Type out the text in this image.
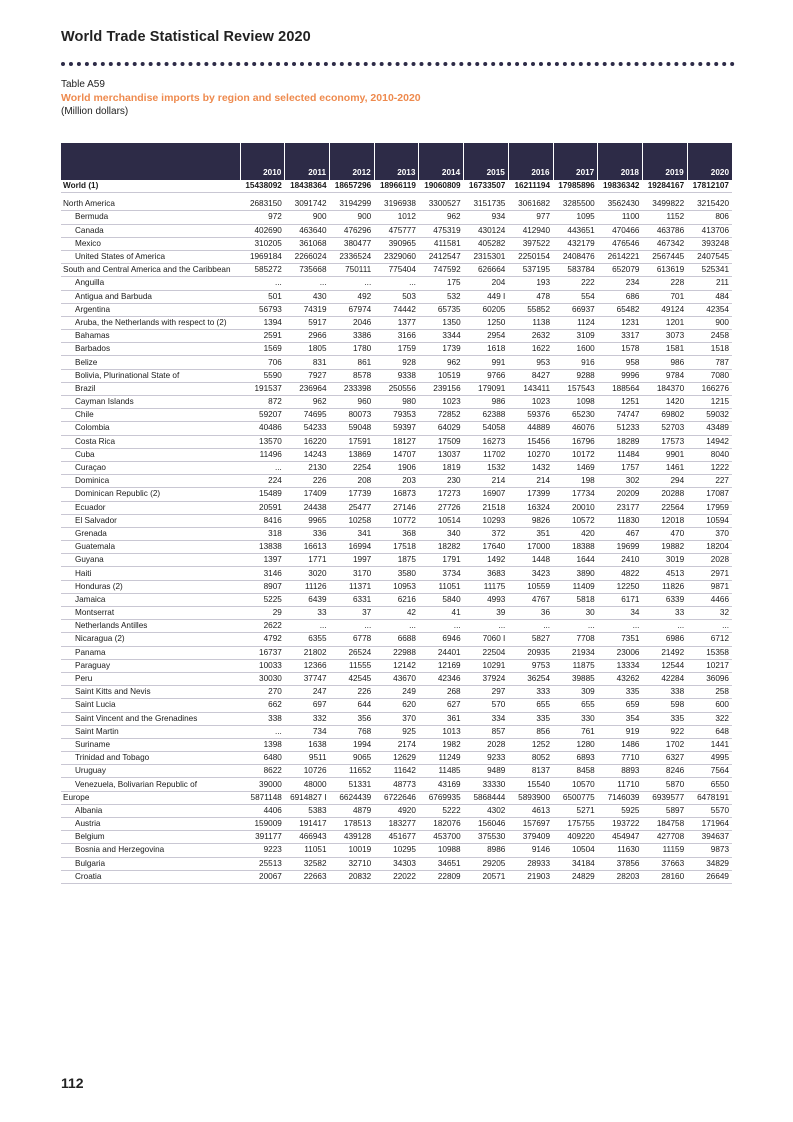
World Trade Statistical Review 2020
Table A59
World merchandise imports by region and selected economy, 2010-2020
(Million dollars)
	2010	2011	2012	2013	2014	2015	2016	2017	2018	2019	2020
World (1)	15438092	18438364	18657296	18966119	19060809	16733507	16211194	17985896	19836342	19284167	17812107

North America	2683150	3091742	3194299	3196938	3300527	3151735	3061682	3285500	3562430	3499822	3215420
Bermuda	972	900	900	1012	962	934	977	1095	1100	1152	806
Canada	402690	463640	476296	475777	475319	430124	412940	443651	470466	463786	413706
Mexico	310205	361068	380477	390965	411581	405282	397522	432179	476546	467342	393248
United States of America	1969184	2266024	2336524	2329060	2412547	2315301	2250154	2408476	2614221	2567445	2407545
South and Central America and the Caribbean	585272	735668	750111	775404	747592	626664	537195	583784	652079	613619	525341
Anguilla	...	...	...	...	175	204	193	222	234	228	211
Antigua and Barbuda	501	430	492	503	532	449 I	478	554	686	701	484
Argentina	56793	74319	67974	74442	65735	60205	55852	66937	65482	49124	42354
Aruba, the Netherlands with respect to (2)	1394	5917	2046	1377	1350	1250	1138	1124	1231	1201	900
Bahamas	2591	2966	3386	3166	3344	2954	2632	3109	3317	3073	2458
Barbados	1569	1805	1780	1759	1739	1618	1622	1600	1578	1581	1518
Belize	706	831	861	928	962	991	953	916	958	986	787
Bolivia, Plurinational State of	5590	7927	8578	9338	10519	9766	8427	9288	9996	9784	7080
Brazil	191537	236964	233398	250556	239156	179091	143411	157543	188564	184370	166276
Cayman Islands	872	962	960	980	1023	986	1023	1098	1251	1420	1215
Chile	59207	74695	80073	79353	72852	62388	59376	65230	74747	69802	59032
Colombia	40486	54233	59048	59397	64029	54058	44889	46076	51233	52703	43489
Costa Rica	13570	16220	17591	18127	17509	16273	15456	16796	18289	17573	14942
Cuba	11496	14243	13869	14707	13037	11702	10270	10172	11484	9901	8040
Curaçao	...	2130	2254	1906	1819	1532	1432	1469	1757	1461	1222
Dominica	224	226	208	203	230	214	214	198	302	294	227
Dominican Republic (2)	15489	17409	17739	16873	17273	16907	17399	17734	20209	20288	17087
Ecuador	20591	24438	25477	27146	27726	21518	16324	20010	23177	22564	17959
El Salvador	8416	9965	10258	10772	10514	10293	9826	10572	11830	12018	10594
Grenada	318	336	341	368	340	372	351	420	467	470	370
Guatemala	13838	16613	16994	17518	18282	17640	17000	18388	19699	19882	18204
Guyana	1397	1771	1997	1875	1791	1492	1448	1644	2410	3019	2028
Haiti	3146	3020	3170	3580	3734	3683	3423	3890	4822	4513	2971
Honduras (2)	8907	11126	11371	10953	11051	11175	10559	11409	12250	11826	9871
Jamaica	5225	6439	6331	6216	5840	4993	4767	5818	6171	6339	4466
Montserrat	29	33	37	42	41	39	36	30	34	33	32
Netherlands Antilles	2622	...	...	...	...	...	...	...	...	...	...
Nicaragua (2)	4792	6355	6778	6688	6946	7060 I	5827	7708	7351	6986	6712
Panama	16737	21802	26524	22988	24401	22504	20935	21934	23006	21492	15358
Paraguay	10033	12366	11555	12142	12169	10291	9753	11875	13334	12544	10217
Peru	30030	37747	42545	43670	42346	37924	36254	39885	43262	42284	36096
Saint Kitts and Nevis	270	247	226	249	268	297	333	309	335	338	258
Saint Lucia	662	697	644	620	627	570	655	655	659	598	600
Saint Vincent and the Grenadines	338	332	356	370	361	334	335	330	354	335	322
Saint Martin	...	734	768	925	1013	857	856	761	919	922	648
Suriname	1398	1638	1994	2174	1982	2028	1252	1280	1486	1702	1441
Trinidad and Tobago	6480	9511	9065	12629	11249	9233	8052	6893	7710	6327	4995
Uruguay	8622	10726	11652	11642	11485	9489	8137	8458	8893	8246	7564
Venezuela, Bolivarian Republic of	39000	48000	51331	48773	43169	33330	15540	10570	11710	5870	6550
Europe	5871148	6914827 I	6624439	6722646	6769935	5868444	5893900	6500775	7146039	6939577	6478191
Albania	4406	5383	4879	4920	5222	4302	4613	5271	5925	5897	5570
Austria	159009	191417	178513	183277	182076	156046	157697	175755	193722	184758	171964
Belgium	391177	466943	439128	451677	453700	375530	379409	409220	454947	427708	394637
Bosnia and Herzegovina	9223	11051	10019	10295	10988	8986	9146	10504	11630	11159	9873
Bulgaria	25513	32582	32710	34303	34651	29205	28933	34184	37856	37663	34829
Croatia	20067	22663	20832	22022	22809	20571	21903	24829	28203	28160	26649
112
